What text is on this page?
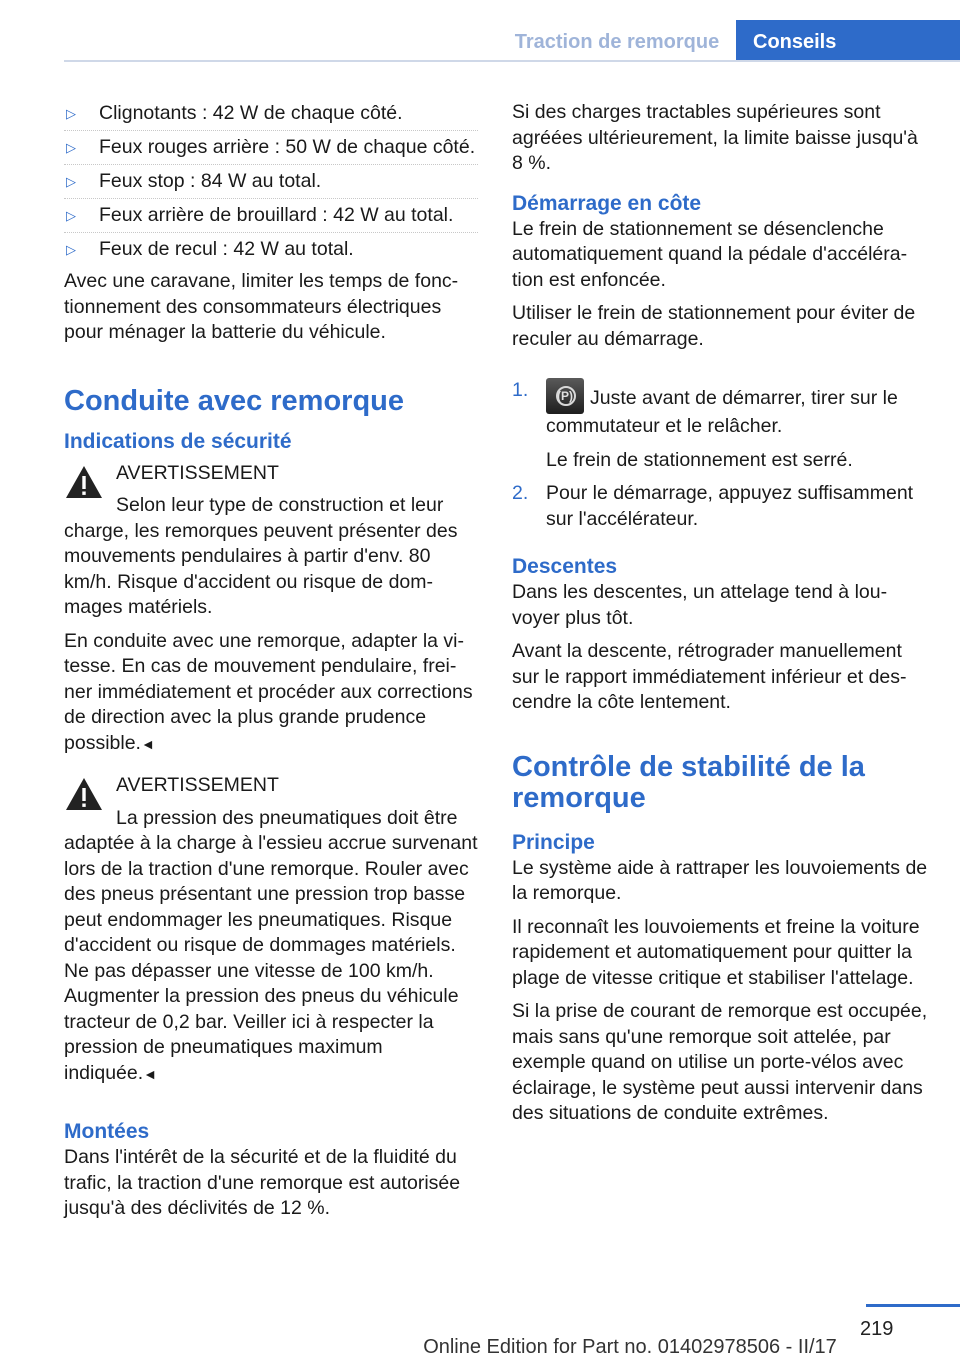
Traction de remorque	Conseils
▷ Clignotants : 42 W de chaque côté.
▷ Feux rouges arrière : 50 W de chaque côté.
▷ Feux stop : 84 W au total.
▷ Feux arrière de brouillard : 42 W au total.
▷ Feux de recul : 42 W au total.

Avec une caravane, limiter les temps de fonctionnement des consommateurs électriques pour ménager la batterie du véhicule.

Conduite avec remorque
Indications de sécurité
AVERTISSEMENT
Selon leur type de construction et leur charge, les remorques peuvent présenter des mouvements pendulaires à partir d'env. 80 km/h. Risque d'accident ou risque de dommages matériels.

En conduite avec une remorque, adapter la vitesse. En cas de mouvement pendulaire, freiner immédiatement et procéder aux corrections de direction avec la plus grande prudence possible.◄

AVERTISSEMENT
La pression des pneumatiques doit être adaptée à la charge à l'essieu accrue survenant lors de la traction d'une remorque. Rouler avec des pneus présentant une pression trop basse peut endommager les pneumatiques. Risque d'accident ou risque de dommages matériels. Ne pas dépasser une vitesse de 100 km/h. Augmenter la pression des pneus du véhicule tracteur de 0,2 bar. Veiller ici à respecter la pression de pneumatiques maximum indiquée.◄
Montées

Dans l'intérêt de la sécurité et de la fluidité du trafic, la traction d'une remorque est autorisée jusqu'à des déclivités de 12 %.

Si des charges tractables supérieures sont agréées ultérieurement, la limite baisse jusqu'à 8 %.

Démarrage en côte

Le frein de stationnement se désenclenche automatiquement quand la pédale d'accélération est enfoncée.

Utiliser le frein de stationnement pour éviter de reculer au démarrage.

1.	(P) Juste avant de démarrer, tirer sur le commutateur et le relâcher.
Le frein de stationnement est serré.
2. Pour le démarrage, appuyez suffisamment sur l'accélérateur.
Descentes

Dans les descentes, un attelage tend à louvoyer plus tôt.

Avant la descente, rétrograder manuellement sur le rapport immédiatement inférieur et descendre la côte lentement.

Contrôle de stabilité de la remorque
Principe

Le système aide à rattraper les louvoiements de la remorque.

Il reconnaît les louvoiements et freine la voiture rapidement et automatiquement pour quitter la plage de vitesse critique et stabiliser l'attelage.

Si la prise de courant de remorque est occupée, mais sans qu'une remorque soit attelée, par exemple quand on utilise un porte-vélos avec éclairage, le système peut aussi intervenir dans des situations de conduite extrêmes.

219
Online Edition for Part no. 01402978506 - II/17
